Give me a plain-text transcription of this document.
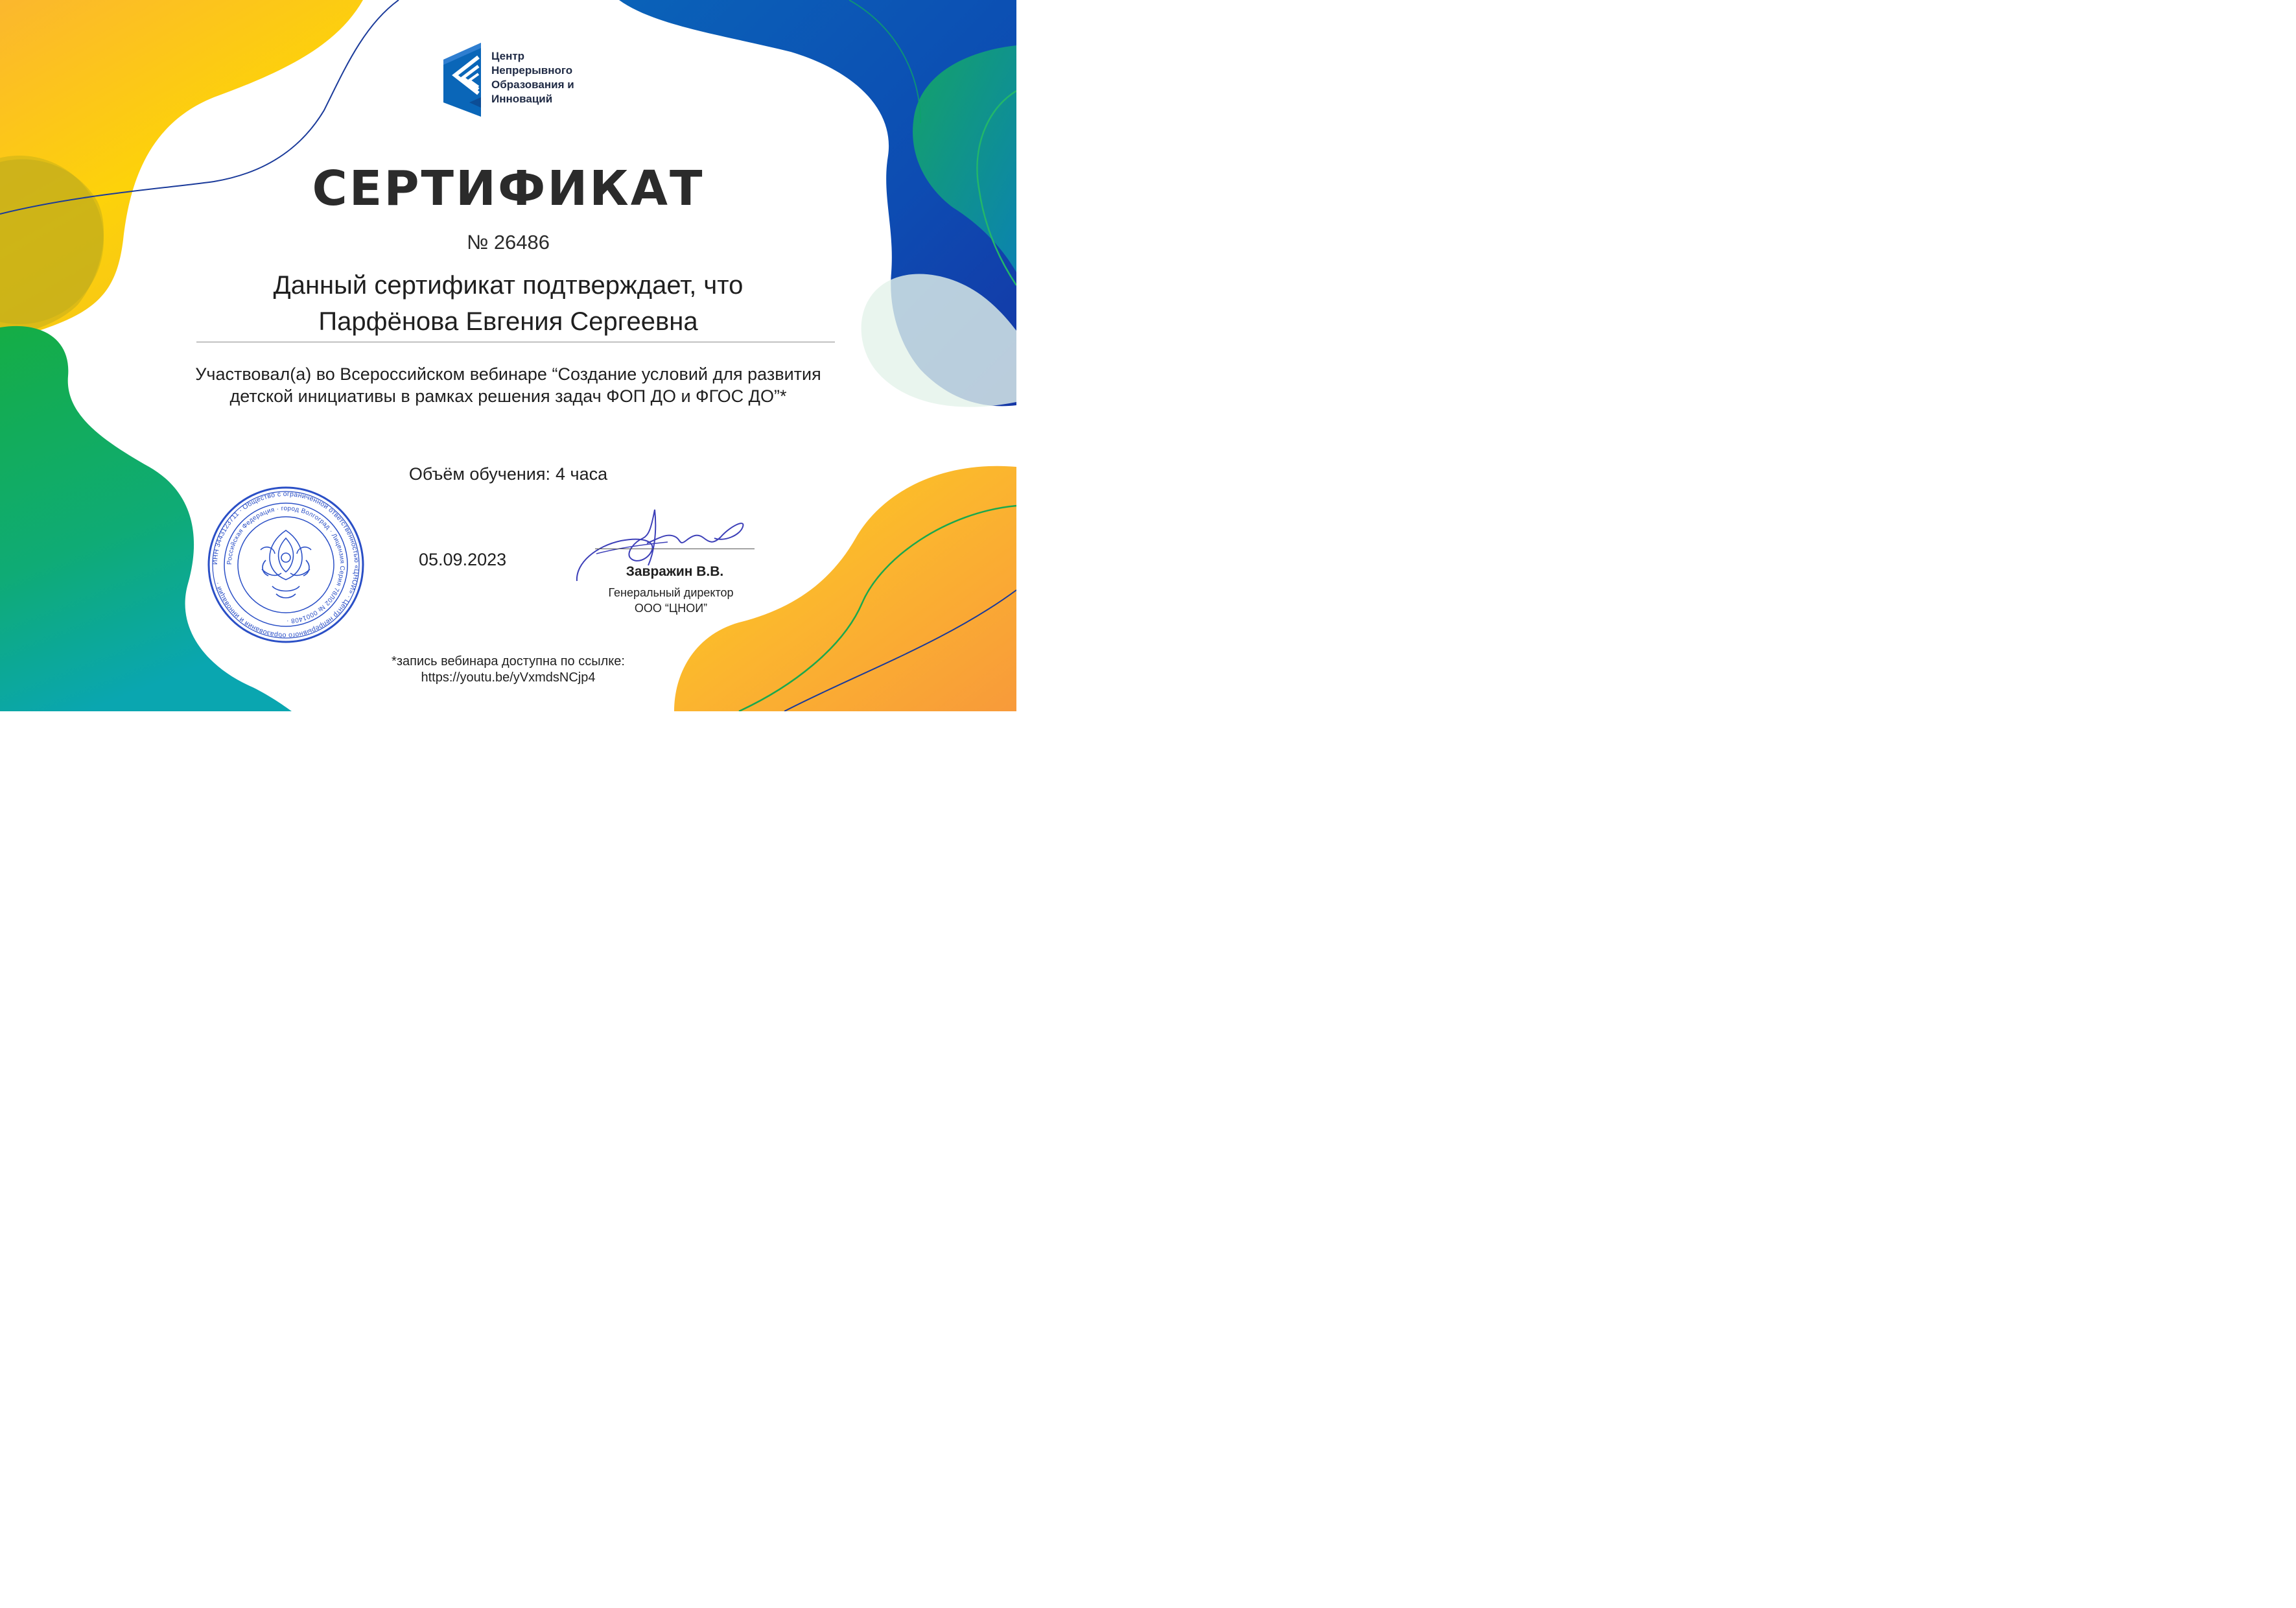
Центр
Непрерывного
Образования и
Инноваций
СЕРТИФИКАТ
№ 26486
Данный сертификат подтверждает, что
Парфёнова Евгения Сергеевна
Участвовал(а) во Всероссийском вебинаре “Создание условий для развития
детской инициативы в рамках решения задач ФОП ДО и ФГОС ДО”*
Объём обучения: 4 часа
ИНН 3443123711 · Общество с ограниченной ответственностью «ЦНОИ» · Центр непрерывного образования и инноваций ·
Российская Федерация · город Волгоград · Лицензия Серия 78Л02 № 0001408 ·
05.09.2023
Завражин В.В.
Генеральный директор
ООО “ЦНОИ”
*запись вебинара доступна по ссылке:
https://youtu.be/yVxmdsNCjp4
